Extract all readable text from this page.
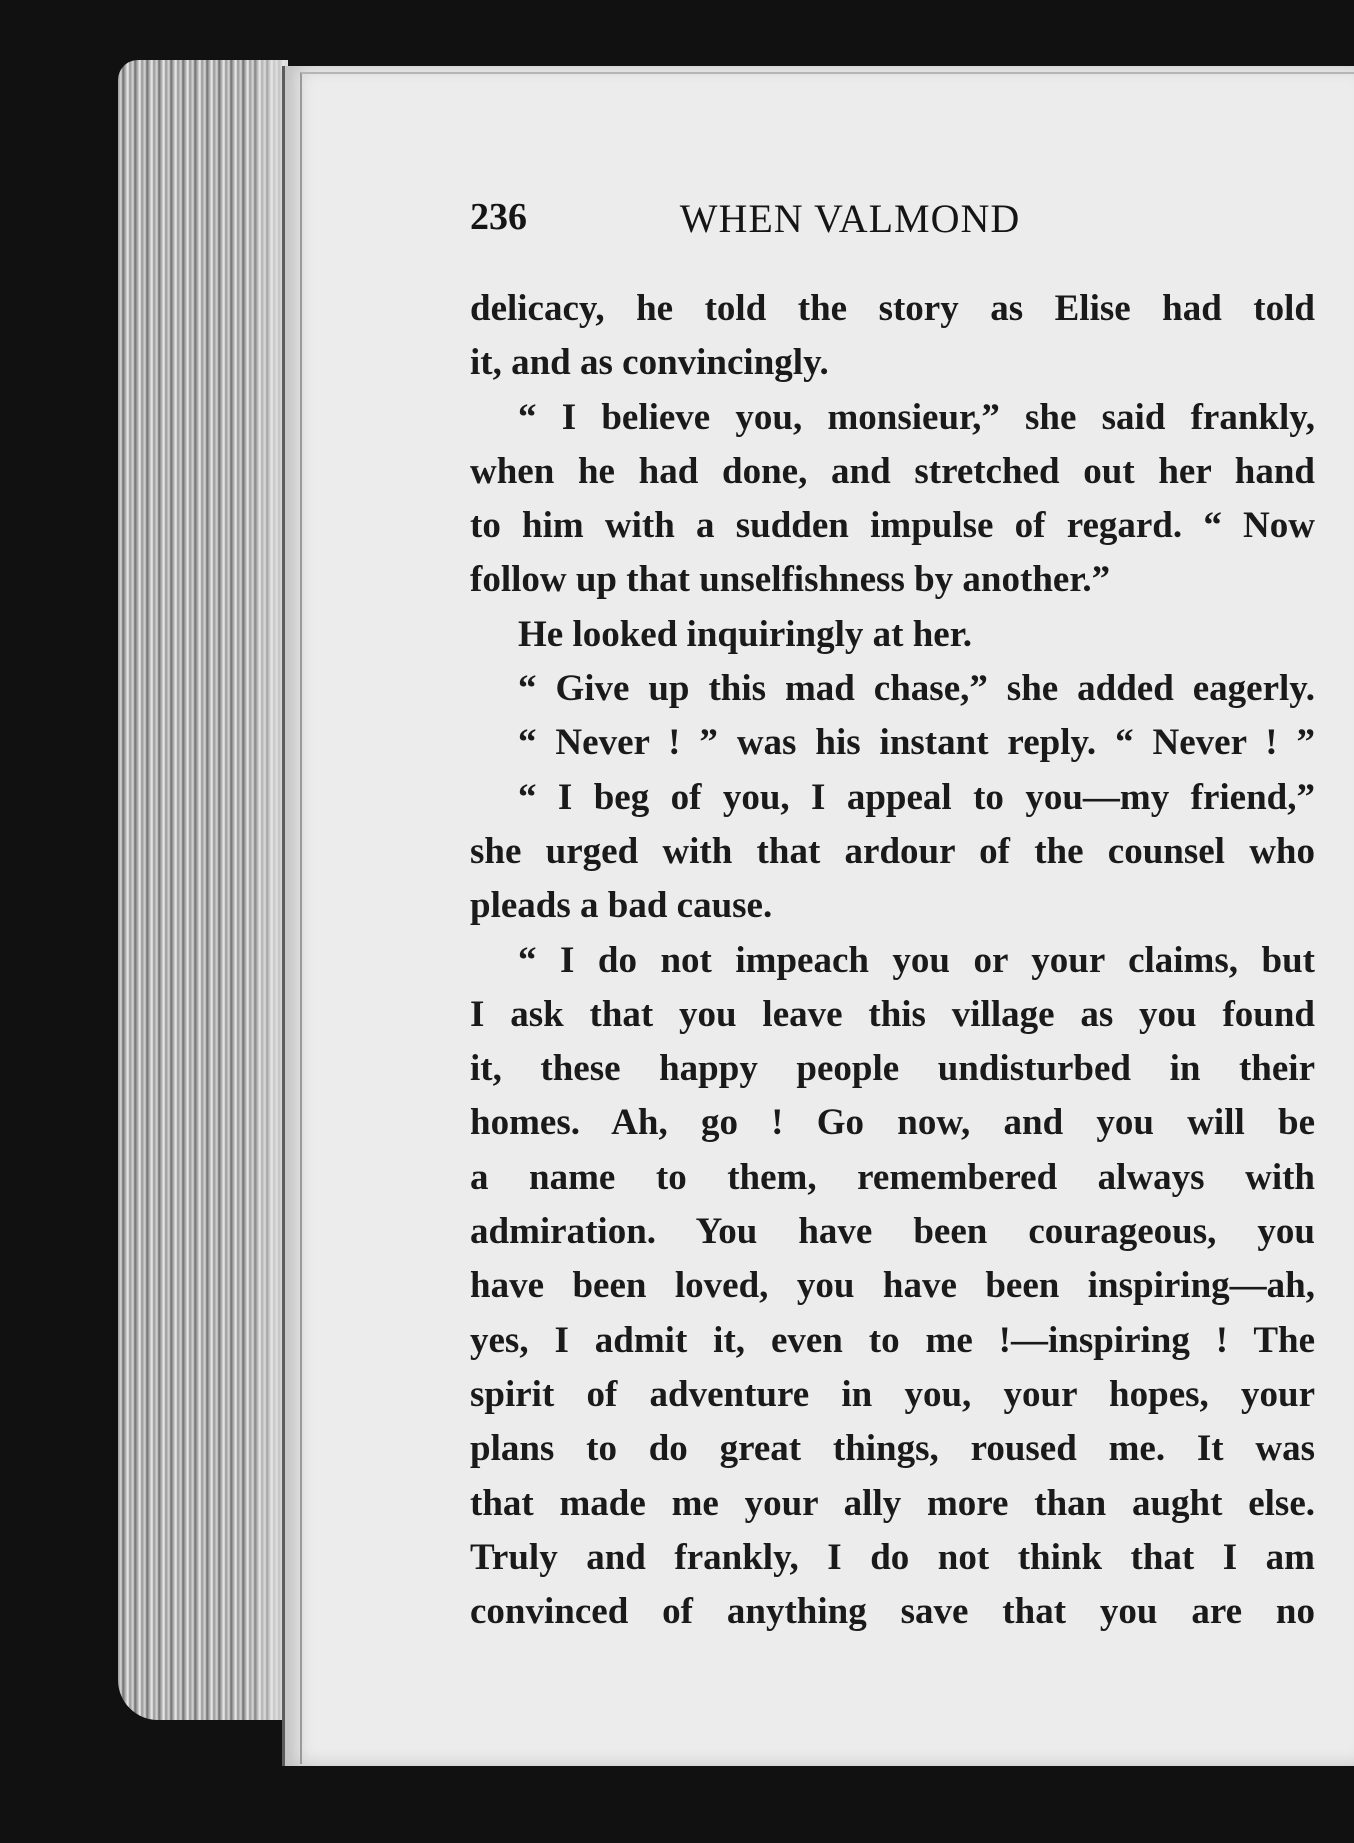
236	WHEN VALMOND
delicacy, he told the story as Elise had told
it, and as convincingly.
“ I believe you, monsieur,” she said frankly,
when he had done, and stretched out her hand
to him with a sudden impulse of regard. “ Now
follow up that unselfishness by another.”
He looked inquiringly at her.
“ Give up this mad chase,” she added eagerly.
“ Never ! ” was his instant reply. “ Never ! ”
“ I beg of you, I appeal to you—my friend,”
she urged with that ardour of the counsel who
pleads a bad cause.
“ I do not impeach you or your claims, but
I ask that you leave this village as you found
it, these happy people undisturbed in their
homes. Ah, go ! Go now, and you will be
a name to them, remembered always with
admiration. You have been courageous, you
have been loved, you have been inspiring—ah,
yes, I admit it, even to me !—inspiring ! The
spirit of adventure in you, your hopes, your
plans to do great things, roused me. It was
that made me your ally more than aught else.
Truly and frankly, I do not think that I am
convinced of anything save that you are no
